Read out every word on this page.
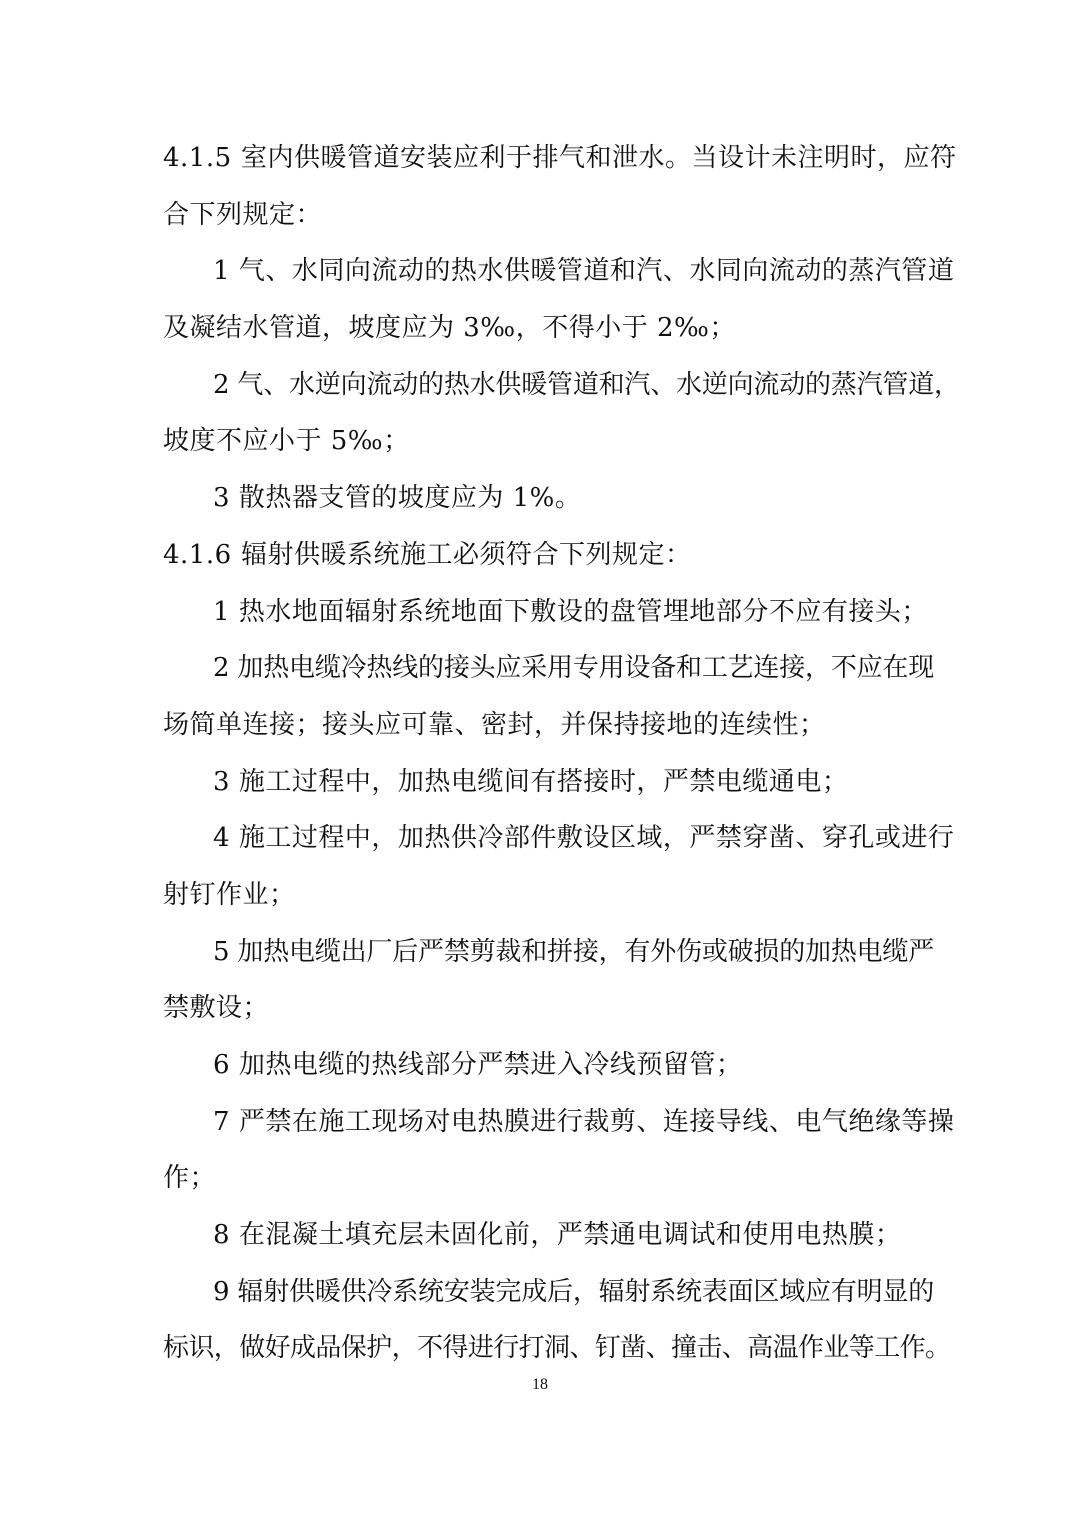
4.1.5 室内供暖管道安装应利于排气和泄水。当设计未注明时，应符
合下列规定：
1 气、水同向流动的热水供暖管道和汽、水同向流动的蒸汽管道
及凝结水管道，坡度应为 3‰，不得小于 2‰；
2 气、水逆向流动的热水供暖管道和汽、水逆向流动的蒸汽管道，
坡度不应小于 5‰；
3 散热器支管的坡度应为 1%。
4.1.6 辐射供暖系统施工必须符合下列规定：
1 热水地面辐射系统地面下敷设的盘管埋地部分不应有接头；
2 加热电缆冷热线的接头应采用专用设备和工艺连接，不应在现
场简单连接；接头应可靠、密封，并保持接地的连续性；
3 施工过程中，加热电缆间有搭接时，严禁电缆通电；
4 施工过程中，加热供冷部件敷设区域，严禁穿凿、穿孔或进行
射钉作业；
5 加热电缆出厂后严禁剪裁和拼接，有外伤或破损的加热电缆严
禁敷设；
6 加热电缆的热线部分严禁进入冷线预留管；
7 严禁在施工现场对电热膜进行裁剪、连接导线、电气绝缘等操
作；
8 在混凝土填充层未固化前，严禁通电调试和使用电热膜；
9 辐射供暖供冷系统安装完成后，辐射系统表面区域应有明显的
标识，做好成品保护，不得进行打洞、钉凿、撞击、高温作业等工作。
18
